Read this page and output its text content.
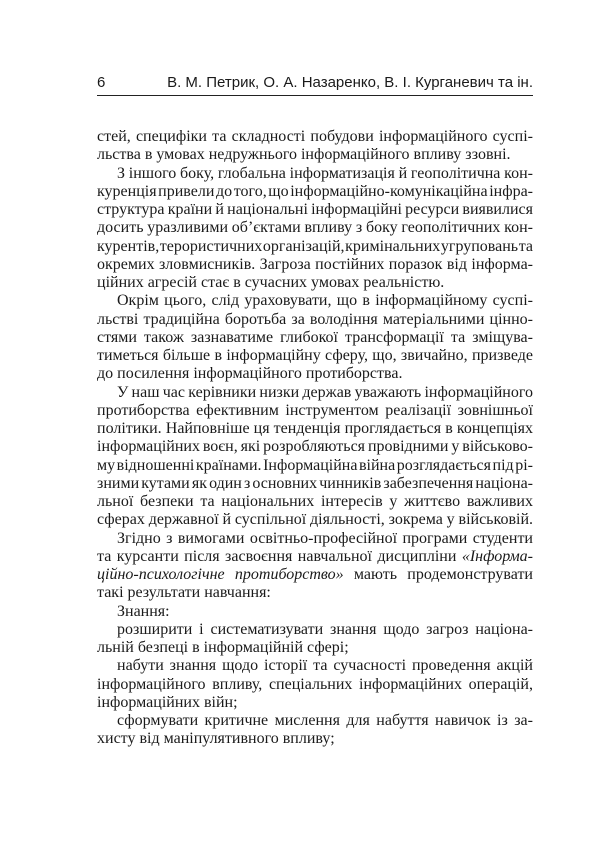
6	В. М. Петрик, О. А. Назаренко, В. І. Курганевич та ін.
стей, специфіки та складності побудови інформаційного суспі-
льства в умовах недружнього інформаційного впливу ззовні.
З іншого боку, глобальна інформатизація й геополітична кон-
куренція привели до того, що інформаційно-комунікаційна інфра-
структура країни й національні інформаційні ресурси виявилися
досить уразливими об’єктами впливу з боку геополітичних кон-
курентів, терористичних організацій, кримінальних угруповань та
окремих зловмисників. Загроза постійних поразок від інформа-
ційних агресій стає в сучасних умовах реальністю.
Окрім цього, слід ураховувати, що в інформаційному суспі-
льстві традиційна боротьба за володіння матеріальними цінно-
стями також зазнаватиме глибокої трансформації та зміщува-
тиметься більше в інформаційну сферу, що, звичайно, призведе
до посилення інформаційного протиборства.
У наш час керівники низки держав уважають інформаційного
протиборства ефективним інструментом реалізації зовнішньої
політики. Найповніше ця тенденція проглядається в концепціях
інформаційних воєн, які розробляються провідними у військово-
му відношенні країнами. Інформаційна війна розглядається під рі-
зними кутами як один з основних чинників забезпечення націона-
льної безпеки та національних інтересів у життєво важливих
сферах державної й суспільної діяльності, зокрема у військовій.
Згідно з вимогами освітньо-професійної програми студенти
та курсанти після засвоєння навчальної дисципліни «Інформа-
ційно-психологічне протиборство» мають продемонструвати
такі результати навчання:
Знання:
розширити і систематизувати знання щодо загроз націона-
льній безпеці в інформаційній сфері;
набути знання щодо історії та сучасності проведення акцій
інформаційного впливу, спеціальних інформаційних операцій,
інформаційних війн;
сформувати критичне мислення для набуття навичок із за-
хисту від маніпулятивного впливу;
